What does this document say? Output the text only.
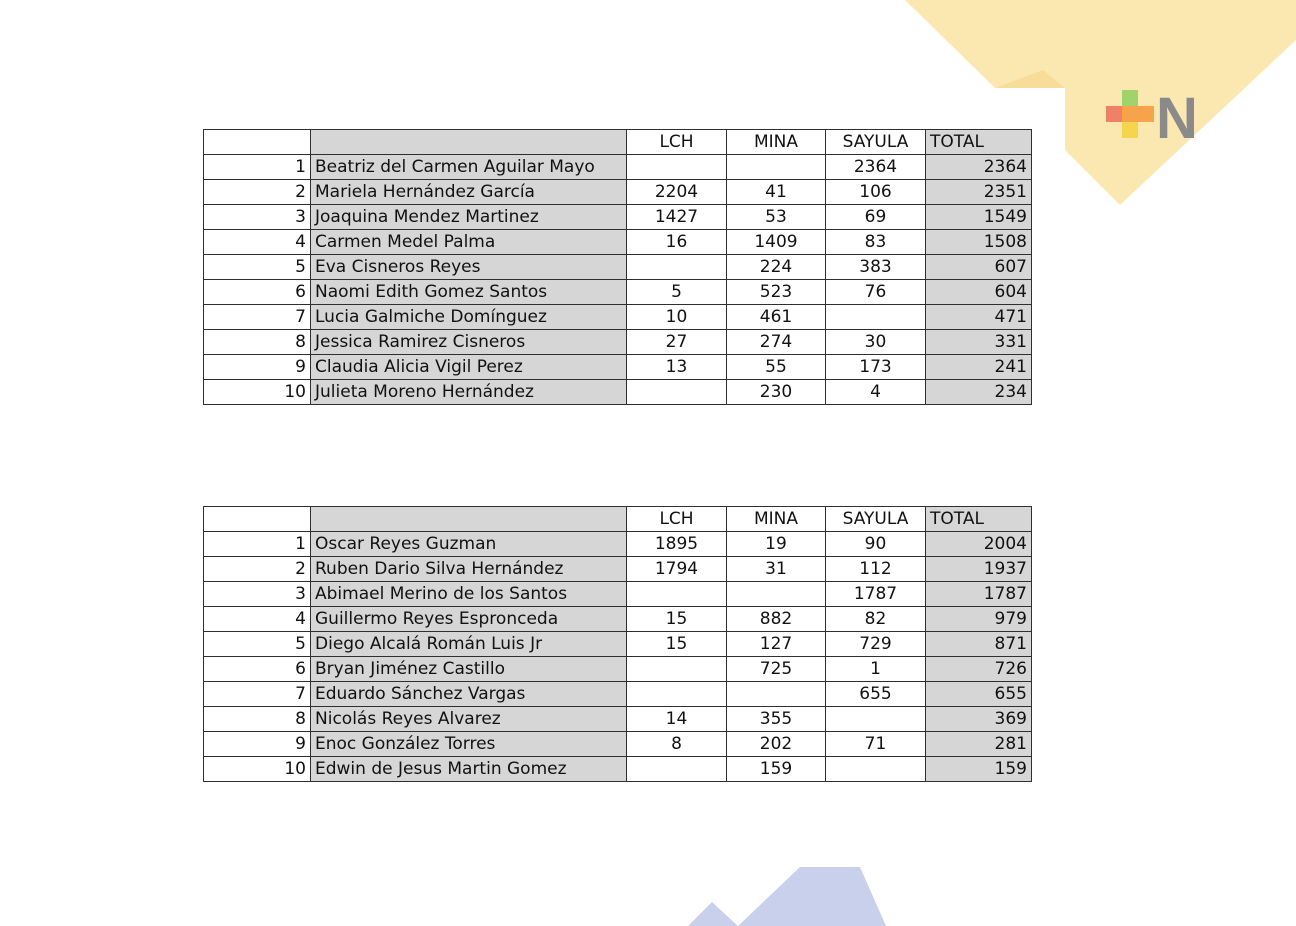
N
		LCH	MINA	SAYULA	TOTAL
1	Beatriz del Carmen Aguilar Mayo			2364	2364
2	Mariela Hernández García	2204	41	106	2351
3	Joaquina Mendez Martinez	1427	53	69	1549
4	Carmen Medel Palma	16	1409	83	1508
5	Eva Cisneros Reyes		224	383	607
6	Naomi Edith Gomez Santos	5	523	76	604
7	Lucia Galmiche Domínguez	10	461		471
8	Jessica Ramirez Cisneros	27	274	30	331
9	Claudia Alicia Vigil Perez	13	55	173	241
10	Julieta Moreno Hernández		230	4	234
		LCH	MINA	SAYULA	TOTAL
1	Oscar Reyes Guzman	1895	19	90	2004
2	Ruben Dario Silva Hernández	1794	31	112	1937
3	Abimael Merino de los Santos			1787	1787
4	Guillermo Reyes Espronceda	15	882	82	979
5	Diego Alcalá Román Luis Jr	15	127	729	871
6	Bryan Jiménez Castillo		725	1	726
7	Eduardo Sánchez Vargas			655	655
8	Nicolás Reyes Alvarez	14	355		369
9	Enoc González Torres	8	202	71	281
10	Edwin de Jesus Martin Gomez		159		159
